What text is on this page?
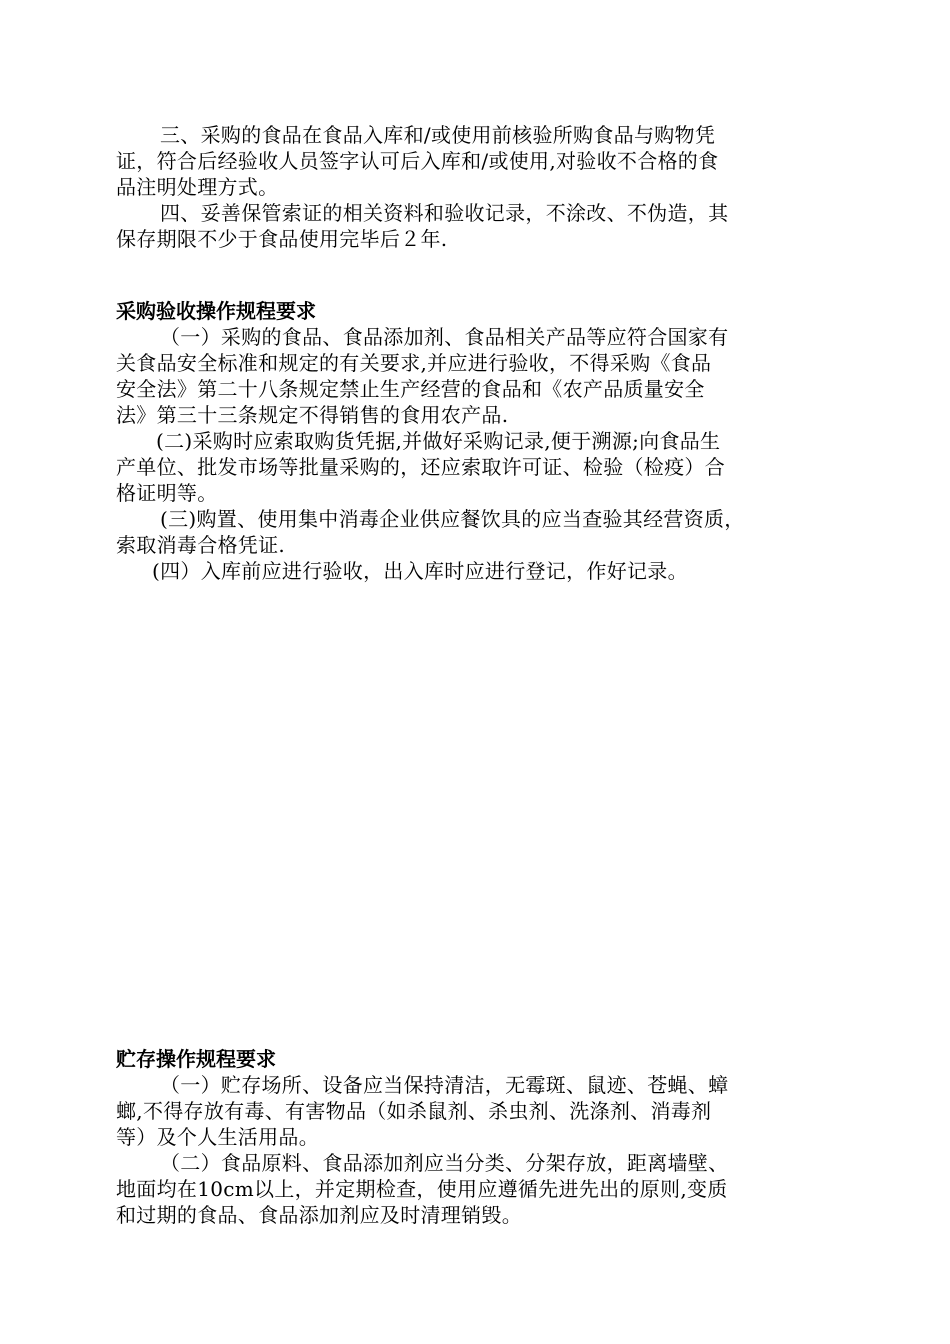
三、采购的食品在食品入库和/或使用前核验所购食品与购物凭
证，符合后经验收人员签字认可后入库和/或使用,对验收不合格的食
品注明处理方式。
四、妥善保管索证的相关资料和验收记录，不涂改、不伪造，其
保存期限不少于食品使用完毕后２年.
采购验收操作规程要求
（一）采购的食品、食品添加剂、食品相关产品等应符合国家有
关食品安全标准和规定的有关要求,并应进行验收，不得采购《食品
安全法》第二十八条规定禁止生产经营的食品和《农产品质量安全
法》第三十三条规定不得销售的食用农产品.
(二)采购时应索取购货凭据,并做好采购记录,便于溯源;向食品生
产单位、批发市场等批量采购的，还应索取许可证、检验（检疫）合
格证明等。
(三)购置、使用集中消毒企业供应餐饮具的应当查验其经营资质，
索取消毒合格凭证.
(四）入库前应进行验收，出入库时应进行登记，作好记录。
贮存操作规程要求
（一）贮存场所、设备应当保持清洁，无霉斑、鼠迹、苍蝇、蟑
螂,不得存放有毒、有害物品（如杀鼠剂、杀虫剂、洗涤剂、消毒剂
等）及个人生活用品。
（二）食品原料、食品添加剂应当分类、分架存放，距离墙壁、
地面均在10cm以上，并定期检查，使用应遵循先进先出的原则,变质
和过期的食品、食品添加剂应及时清理销毁。
